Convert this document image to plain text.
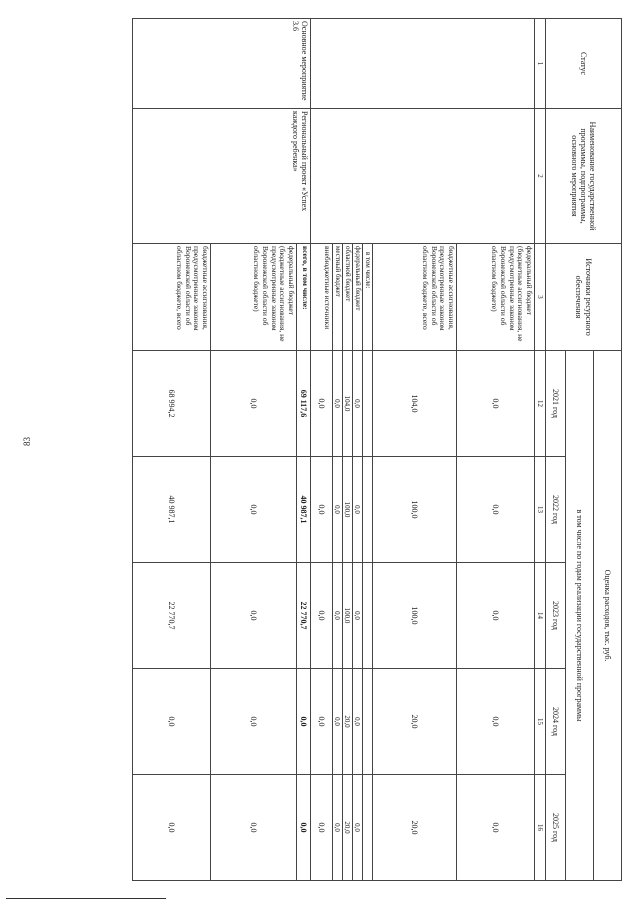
83
Статус	Наименование государственной программы, подпрограммы, основного мероприятия	Источники ресурсного обеспечения	Оценка расходов, тыс. руб.				
			в том числе по годам реализации государственной программы				
			2021 год	2022 год	2023 год	2024 год	2025 год
1	2	3	12	13	14	15	16
		федеральный бюджет (бюджетные ассигнования, не предусмотренные законом Воронежской области об областном бюджете)	0,0	0,0	0,0	0,0	0,0
		бюджетные ассигнования, предусмотренные законом Воронежской области об областном бюджете, всего	104,0	100,0	100,0	20,0	20,0
		в том числе:					
		федеральный бюджет	0,0	0,0	0,0	0,0	0,0
		областной бюджет	104,0	100,0	100,0	20,0	20,0
		местный бюджет	0,0	0,0	0,0	0,0	0,0
		внебюджетные источники	0,0	0,0	0,0	0,0	0,0
Основное мероприятие 3.6	Региональный проект «Успех каждого ребенка»	всего, в том числе:	69 117,6	40 987,1	22 770,7	0,0	0,0
		федеральный бюджет (бюджетные ассигнования, не предусмотренные законом Воронежской области об областном бюджете)	0,0	0,0	0,0	0,0	0,0
		бюджетные ассигнования, предусмотренные законом Воронежской области об областном бюджете, всего	68 994,2	40 987,1	22 770,7	0,0	0,0
